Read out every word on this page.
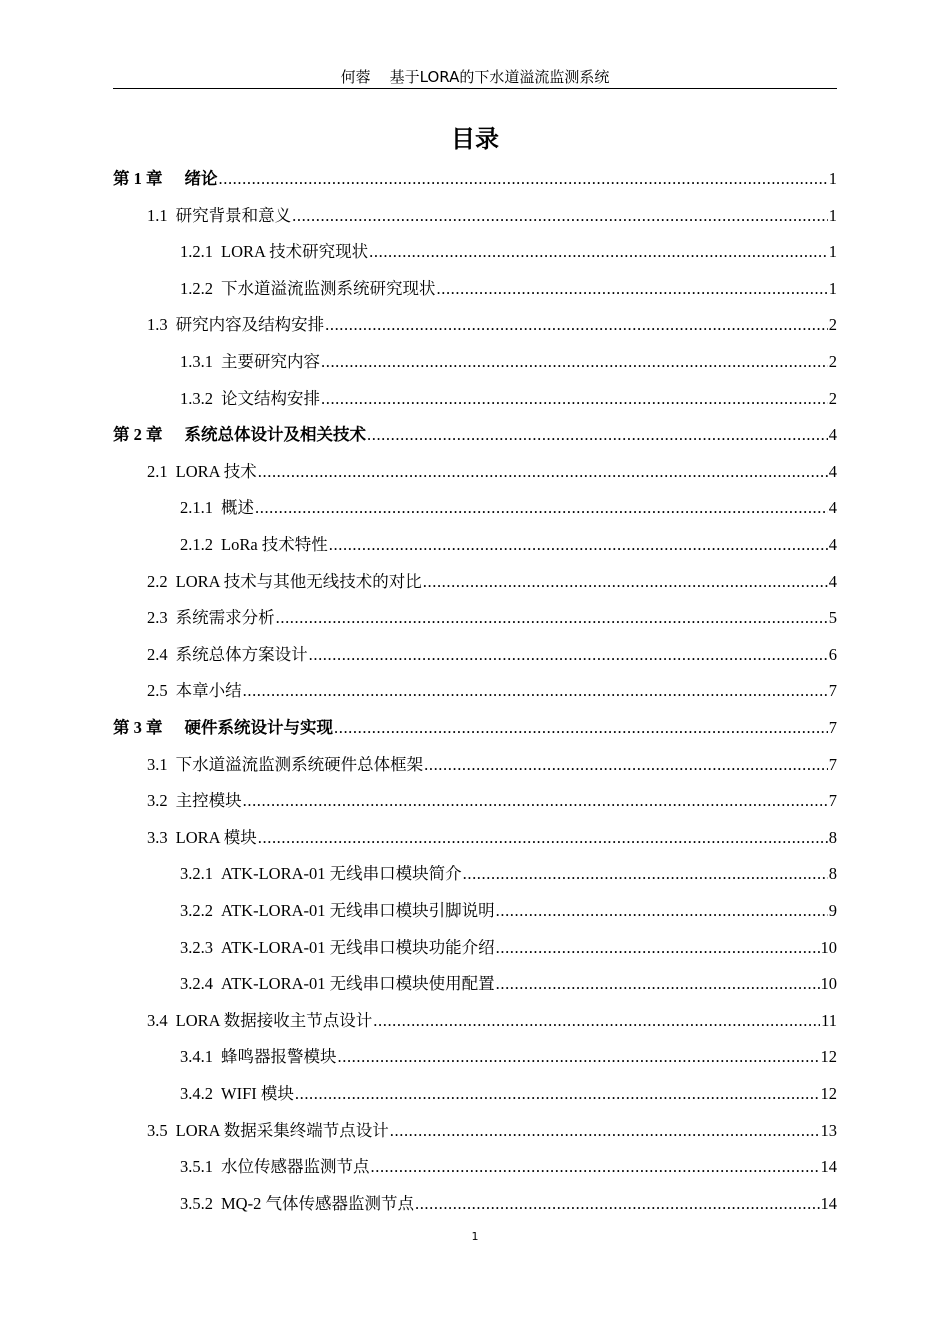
何蓉    基于LORA的下水道溢流监测系统
目录
第 1 章 绪论 .....	1
1.1 研究背景和意义 .....	1
1.2.1 LORA 技术研究现状 .....	1
1.2.2 下水道溢流监测系统研究现状 .....	1
1.3 研究内容及结构安排 .....	2
1.3.1 主要研究内容 .....	2
1.3.2 论文结构安排 .....	2
第 2 章 系统总体设计及相关技术 .....	4
2.1 LORA 技术 .....	4
2.1.1 概述 .....	4
2.1.2 LoRa 技术特性 .....	4
2.2 LORA 技术与其他无线技术的对比 .....	4
2.3 系统需求分析 .....	5
2.4 系统总体方案设计 .....	6
2.5 本章小结 .....	7
第 3 章 硬件系统设计与实现 .....	7
3.1 下水道溢流监测系统硬件总体框架 .....	7
3.2 主控模块 .....	7
3.3 LORA 模块 .....	8
3.2.1 ATK-LORA-01 无线串口模块简介 .....	8
3.2.2 ATK-LORA-01 无线串口模块引脚说明 .....	9
3.2.3 ATK-LORA-01 无线串口模块功能介绍 .....	10
3.2.4 ATK-LORA-01 无线串口模块使用配置 .....	10
3.4 LORA 数据接收主节点设计 .....	11
3.4.1 蜂鸣器报警模块 .....	12
3.4.2 WIFI 模块 .....	12
3.5 LORA 数据采集终端节点设计 .....	13
3.5.1 水位传感器监测节点 .....	14
3.5.2 MQ-2 气体传感器监测节点 .....	14
1
